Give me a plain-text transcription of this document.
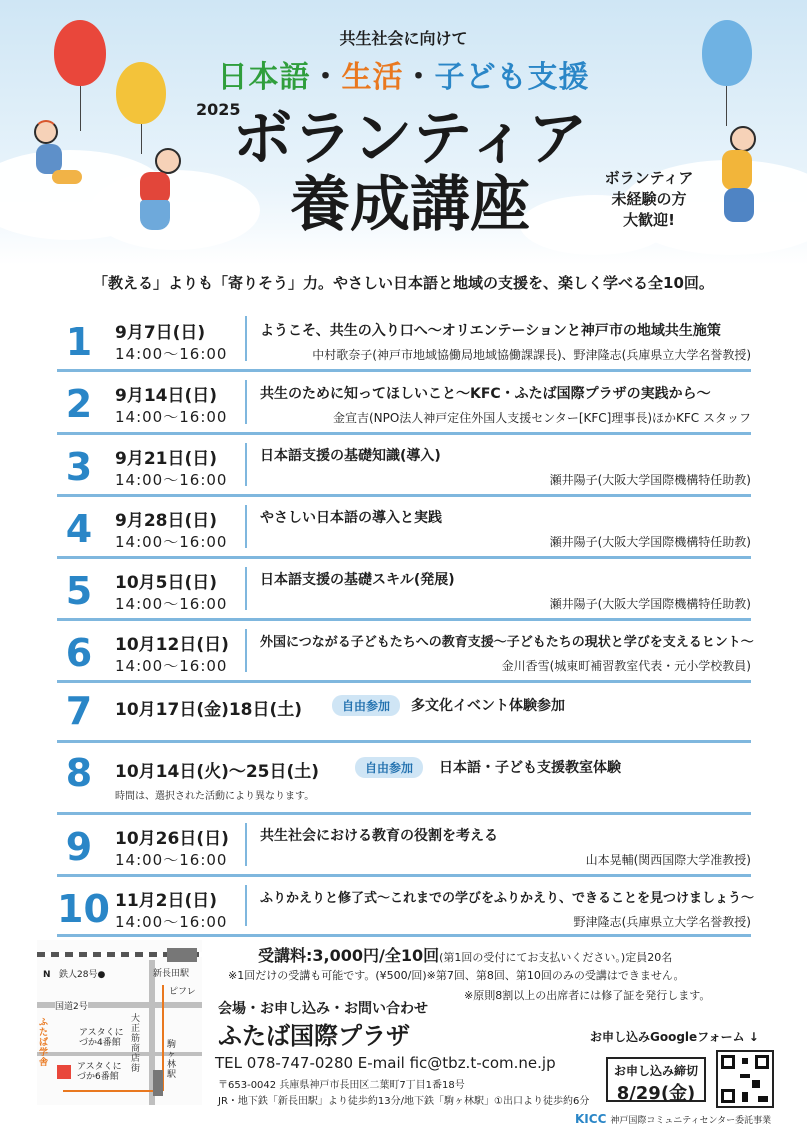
共生社会に向けて
日本語・生活・子ども支援
2025
ボランティア
養成講座	ボランティア
未経験の方
大歓迎!
「教える」よりも「寄りそう」力。やさしい日本語と地域の支援を、楽しく学べる全10回。
1	9月7日(日)
14:00〜16:00
ようこそ、共生の入り口へ〜オリエンテーションと神戸市の地域共生施策
中村歌奈子(神戸市地域協働局地域協働課課長)、野津隆志(兵庫県立大学名誉教授)
2	9月14日(日)
14:00〜16:00
共生のために知ってほしいこと〜KFC・ふたば国際プラザの実践から〜
金宣吉(NPO法人神戸定住外国人支援センター[KFC]理事長)ほかKFC スタッフ
3	9月21日(日)
14:00〜16:00
日本語支援の基礎知識(導入)
瀬井陽子(大阪大学国際機構特任助教)
4	9月28日(日)
14:00〜16:00
やさしい日本語の導入と実践
瀬井陽子(大阪大学国際機構特任助教)
5	10月5日(日)
14:00〜16:00
日本語支援の基礎スキル(発展)
瀬井陽子(大阪大学国際機構特任助教)
6	10月12日(日)
14:00〜16:00
外国につながる子どもたちへの教育支援〜子どもたちの現状と学びを支えるヒント〜
金川香雪(城東町補習教室代表・元小学校教員)
7	10月17日(金)18日(土)	自由参加	多文化イベント体験参加
8	10月14日(火)〜25日(土)	自由参加	日本語・子ども支援教室体験
時間は、選択された活動により異なります。
9	10月26日(日)
14:00〜16:00
共生社会における教育の役割を考える
山本晃輔(関西国際大学准教授)
10 11月2日(日)
14:00〜16:00
ふりかえりと修了式〜これまでの学びをふりかえり、できることを見つけましょう〜
野津隆志(兵庫県立大学名誉教授)
N 鉄人28号●	新長田駅
ピフレ
国道2号
大正筋商店街
ふたば学舎
アスタくにづか4番館
アスタくにづか6番館
駒ヶ林駅
受講料:3,000円/全10回(第1回の受付にてお支払いください。)定員20名
※1回だけの受講も可能です。(¥500/回)※第7回、第8回、第10回のみの受講はできません。
※原則8割以上の出席者には修了証を発行します。
会場・お申し込み・お問い合わせ
ふたば国際プラザ
TEL 078-747-0280 E-mail fic@tbz.t-com.ne.jp
〒653-0042 兵庫県神戸市長田区二葉町7丁目1番18号
JR・地下鉄「新長田駅」より徒歩約13分/地下鉄「駒ヶ林駅」①出口より徒歩約6分
お申し込みGoogleフォーム ↓
お申し込み締切
8/29(金)
KICC 神戸国際コミュニティセンター委託事業
